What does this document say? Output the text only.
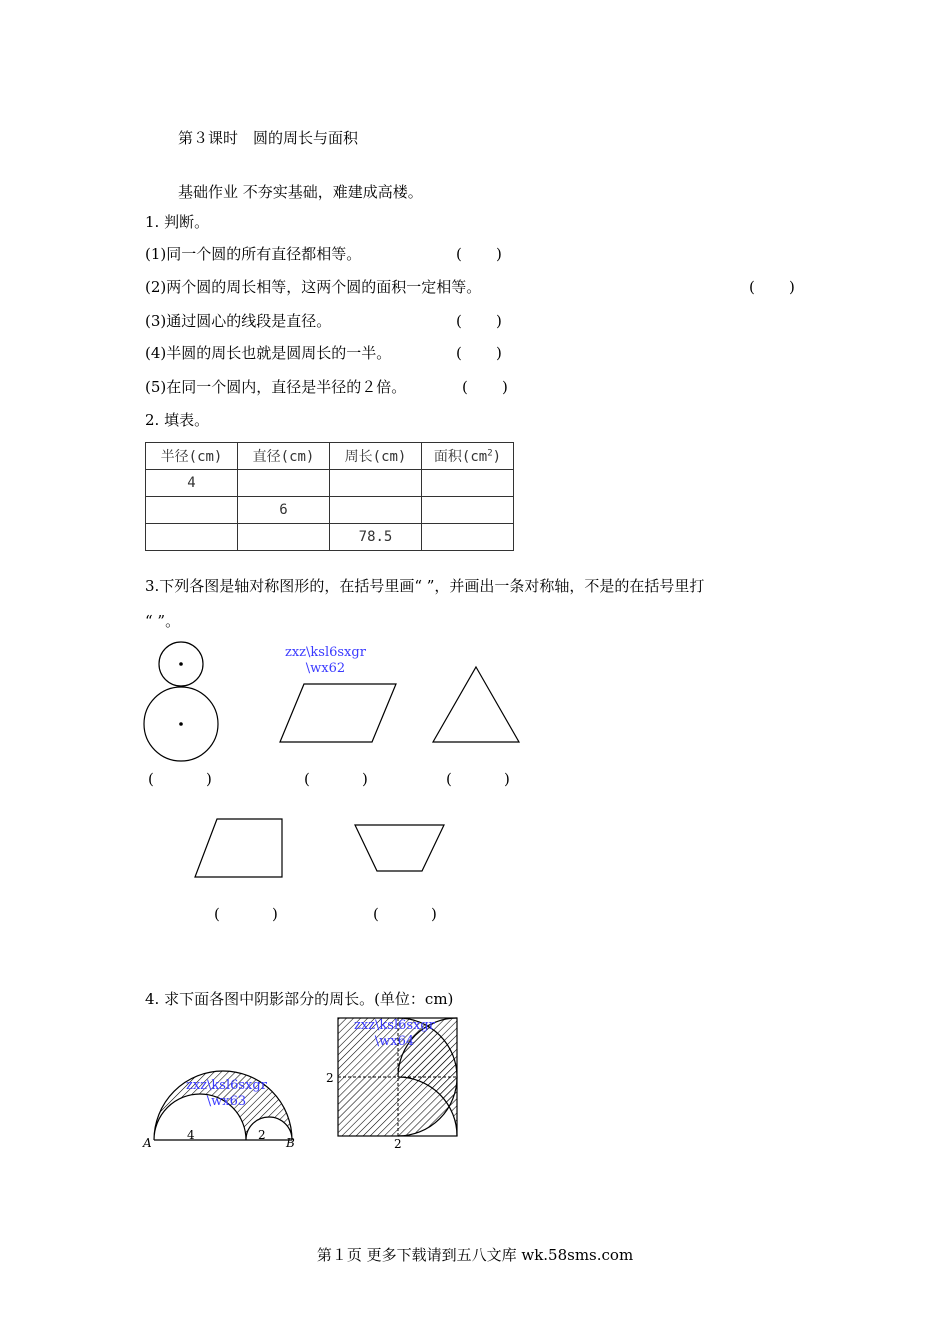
第３课时　圆的周长与面积
基础作业 不夯实基础，难建成高楼。
1. 判断。
(1)同一个圆的所有直径都相等。	( )
(2)两个圆的周长相等，这两个圆的面积一定相等。	( )
(3)通过圆心的线段是直径。	( )
(4)半圆的周长也就是圆周长的一半。	( )
(5)在同一个圆内，直径是半径的２倍。	( )
2. 填表。
半径(cm)	直径(cm)	周长(cm)	面积$(cm^2)$
4			
	6		
		78.5	
3.下列各图是轴对称图形的，在括号里画“ ”，并画出一条对称轴，不是的在括号里打
“ ”。
zxz\ksl6sxgr
\wx62
(	)	(	)	(	)
(	)	(	)
4. 求下面各图中阴影部分的周长。(单位：cm)
A	B
4	2
zxz\ksl6sxgr
\wx63
2
2
zxz\ksl6sxgr
\wx64
第１页 更多下载请到五八文库 wk.58sms.com
